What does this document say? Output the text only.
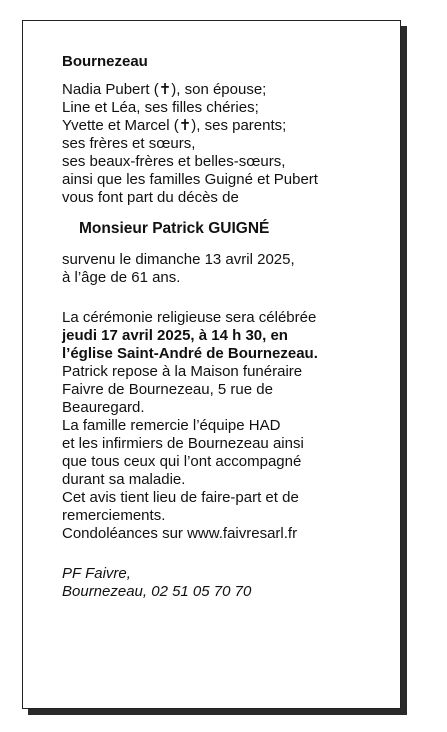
Bournezeau
Nadia Pubert (✝), son épouse;
Line et Léa, ses filles chéries;
Yvette et Marcel (✝), ses parents;
ses frères et sœurs,
ses beaux-frères et belles-sœurs,
ainsi que les familles Guigné et Pubert
vous font part du décès de
Monsieur Patrick GUIGNÉ
survenu le dimanche 13 avril 2025,
à l’âge de 61 ans.
La cérémonie religieuse sera célébrée
jeudi 17 avril 2025, à 14 h 30, en
l’église Saint-André de Bournezeau.
Patrick repose à la Maison funéraire
Faivre de Bournezeau, 5 rue de
Beauregard.
La famille remercie l’équipe HAD
et les infirmiers de Bournezeau ainsi
que tous ceux qui l’ont accompagné
durant sa maladie.
Cet avis tient lieu de faire-part et de
remerciements.
Condoléances sur www.faivresarl.fr
PF Faivre,
Bournezeau, 02 51 05 70 70
